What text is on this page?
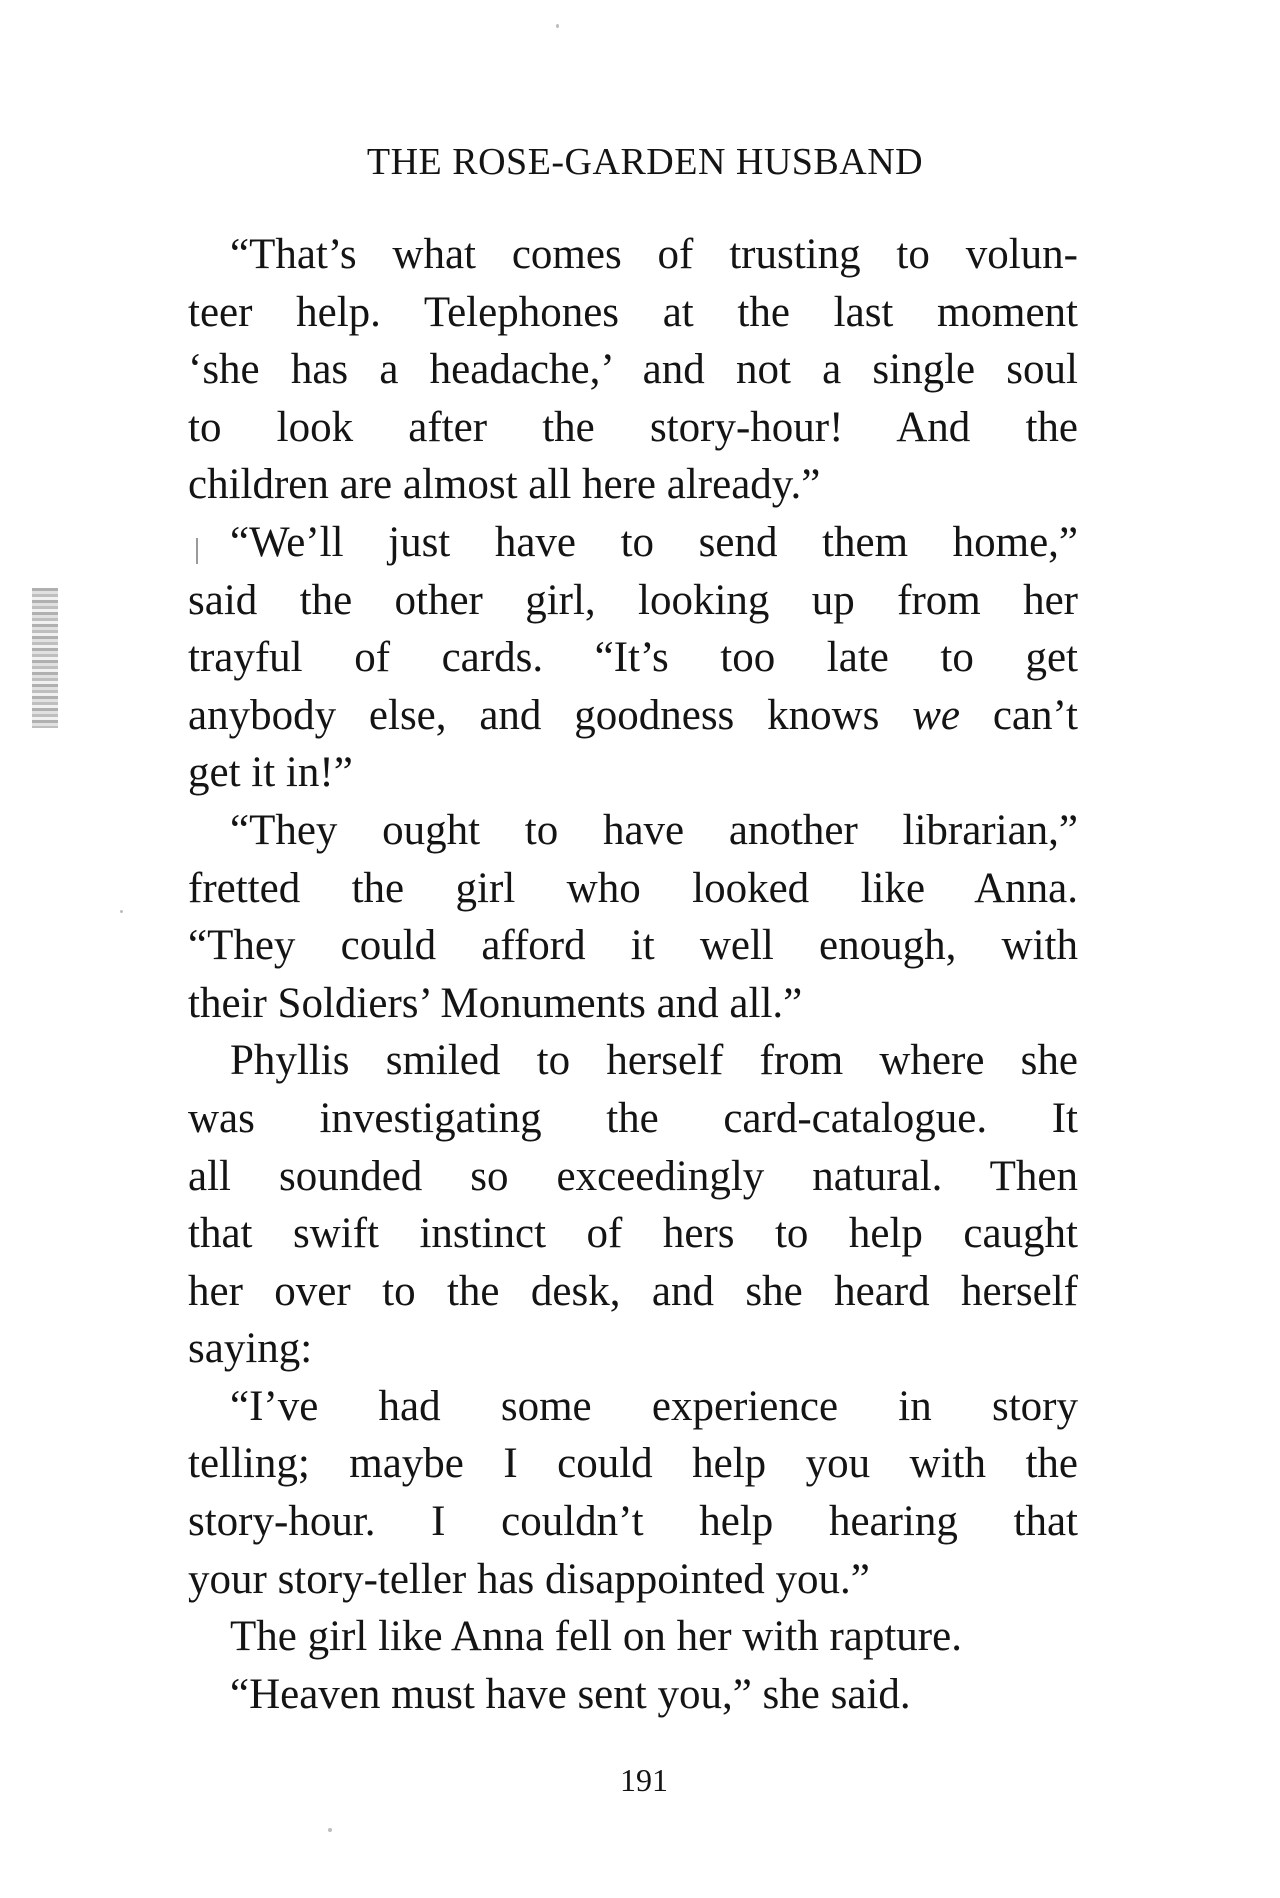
THE ROSE-GARDEN HUSBAND
“That’s what comes of trusting to volun-
teer help. Telephones at the last moment
‘she has a headache,’ and not a single soul
to look after the story-hour! And the
children are almost all here already.”
“We’ll just have to send them home,”
said the other girl, looking up from her
trayful of cards. “It’s too late to get
anybody else, and goodness knows we can’t
get it in!”
“They ought to have another librarian,”
fretted the girl who looked like Anna.
“They could afford it well enough, with
their Soldiers’ Monuments and all.”
Phyllis smiled to herself from where she
was investigating the card-catalogue. It
all sounded so exceedingly natural. Then
that swift instinct of hers to help caught
her over to the desk, and she heard herself
saying:
“I’ve had some experience in story
telling; maybe I could help you with the
story-hour. I couldn’t help hearing that
your story-teller has disappointed you.”
The girl like Anna fell on her with rapture.
“Heaven must have sent you,” she said.
191
